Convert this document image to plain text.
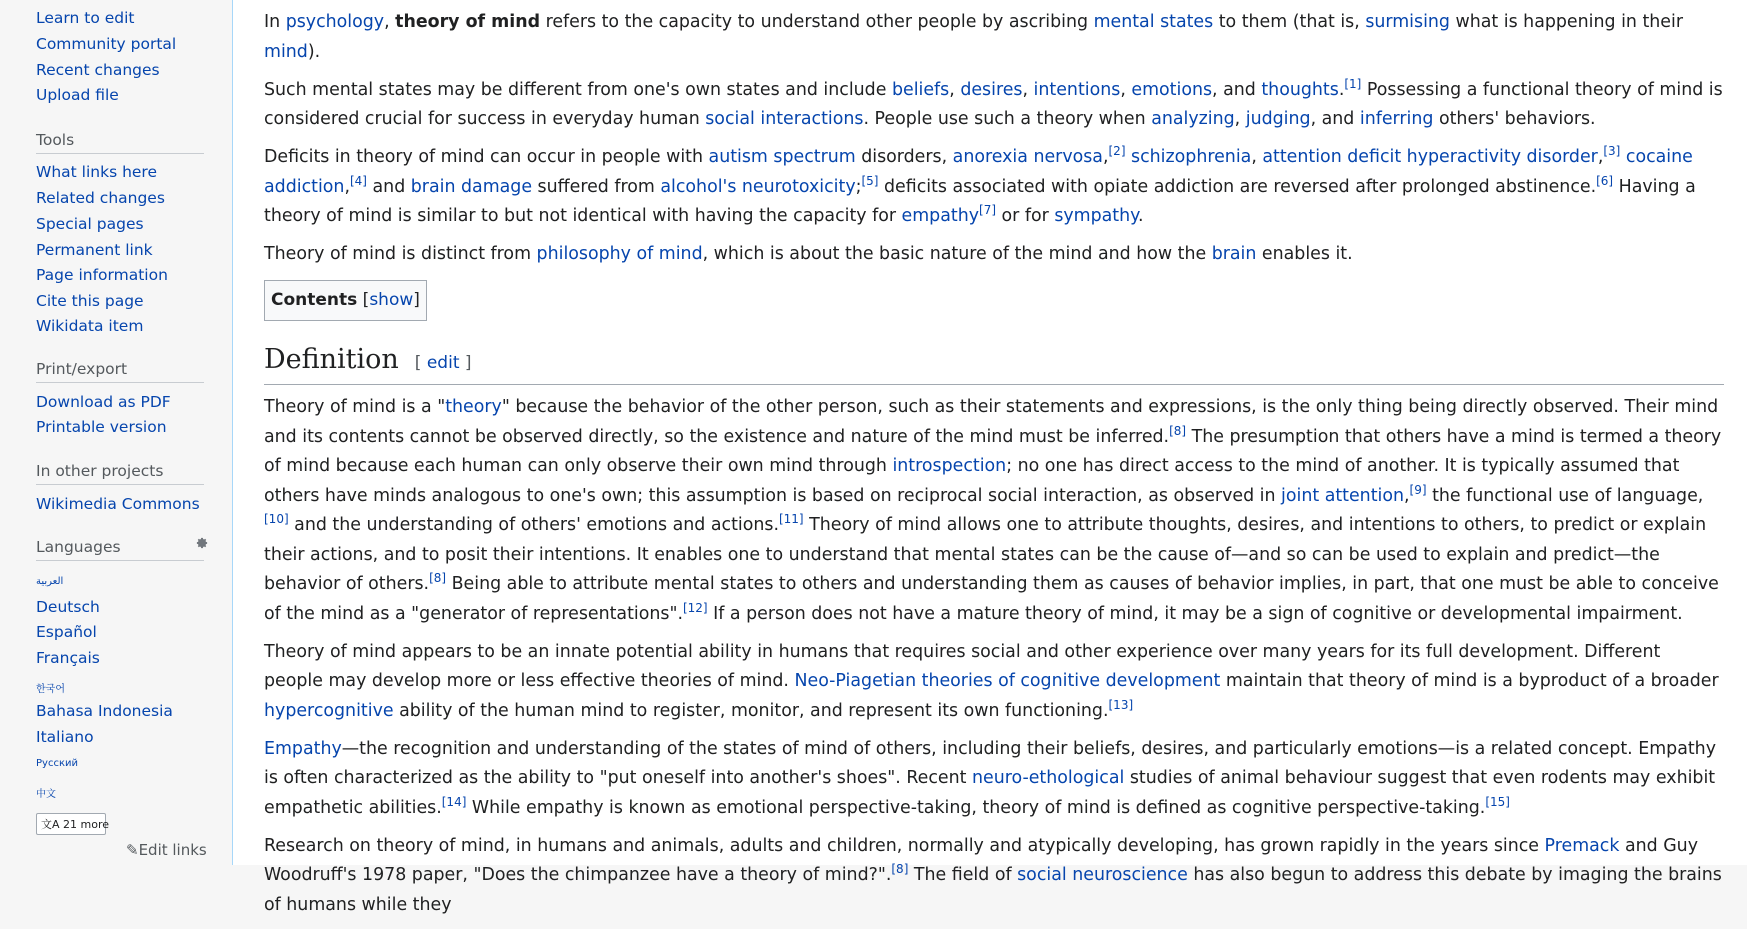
Learn to edit
Community portal
Recent changes
Upload file
Tools
What links here
Related changes
Special pages
Permanent link
Page information
Cite this page
Wikidata item
Print/export
Download as PDF
Printable version
In other projects
Wikimedia Commons
Languages
العربية
Deutsch
Español
Français
한국어
Bahasa Indonesia
Italiano
Русский
中文
文A 21 more
✎Edit links

In psychology, theory of mind refers to the capacity to understand other people by ascribing mental states to them (that is, surmising what is happening in their mind).

Such mental states may be different from one's own states and include beliefs, desires, intentions, emotions, and thoughts.[1] Possessing a functional theory of mind is considered crucial for success in everyday human social interactions. People use such a theory when analyzing, judging, and inferring others' behaviors.

Deficits in theory of mind can occur in people with autism spectrum disorders, anorexia nervosa,[2] schizophrenia, attention deficit hyperactivity disorder,[3] cocaine addiction,[4] and brain damage suffered from alcohol's neurotoxicity;[5] deficits associated with opiate addiction are reversed after prolonged abstinence.[6] Having a theory of mind is similar to but not identical with having the capacity for empathy[7] or for sympathy.

Theory of mind is distinct from philosophy of mind, which is about the basic nature of the mind and how the brain enables it.

Contents [show]
Definition [ edit ]

Theory of mind is a "theory" because the behavior of the other person, such as their statements and expressions, is the only thing being directly observed. Their mind and its contents cannot be observed directly, so the existence and nature of the mind must be inferred.[8] The presumption that others have a mind is termed a theory of mind because each human can only observe their own mind through introspection; no one has direct access to the mind of another. It is typically assumed that others have minds analogous to one's own; this assumption is based on reciprocal social interaction, as observed in joint attention,[9] the functional use of language,[10] and the understanding of others' emotions and actions.[11] Theory of mind allows one to attribute thoughts, desires, and intentions to others, to predict or explain their actions, and to posit their intentions. It enables one to understand that mental states can be the cause of—and so can be used to explain and predict—the behavior of others.[8] Being able to attribute mental states to others and understanding them as causes of behavior implies, in part, that one must be able to conceive of the mind as a "generator of representations".[12] If a person does not have a mature theory of mind, it may be a sign of cognitive or developmental impairment.

Theory of mind appears to be an innate potential ability in humans that requires social and other experience over many years for its full development. Different people may develop more or less effective theories of mind. Neo-Piagetian theories of cognitive development maintain that theory of mind is a byproduct of a broader hypercognitive ability of the human mind to register, monitor, and represent its own functioning.[13]

Empathy—the recognition and understanding of the states of mind of others, including their beliefs, desires, and particularly emotions—is a related concept. Empathy is often characterized as the ability to "put oneself into another's shoes". Recent neuro-ethological studies of animal behaviour suggest that even rodents may exhibit empathetic abilities.[14] While empathy is known as emotional perspective-taking, theory of mind is defined as cognitive perspective-taking.[15]

Research on theory of mind, in humans and animals, adults and children, normally and atypically developing, has grown rapidly in the years since Premack and Guy Woodruff's 1978 paper, "Does the chimpanzee have a theory of mind?".[8] The field of social neuroscience has also begun to address this debate by imaging the brains of humans while they
